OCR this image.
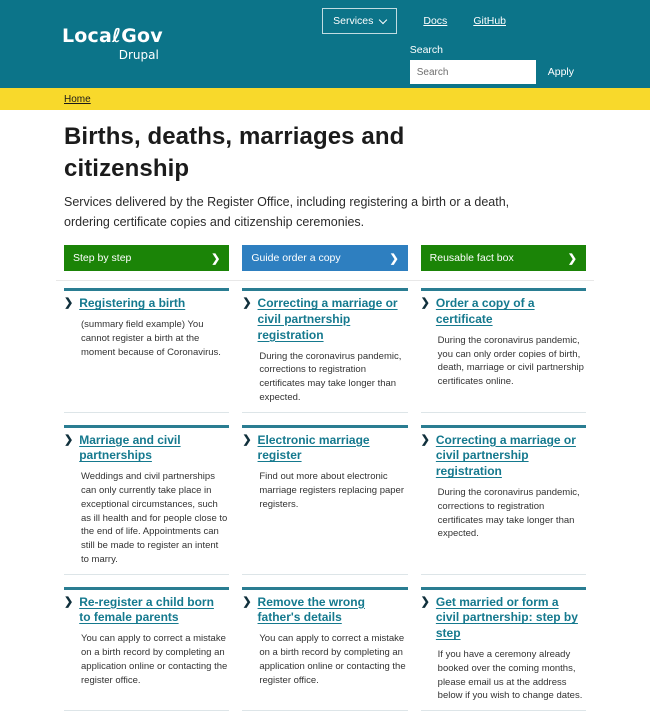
LocaℓGov
Drupal
Services	Docs GitHub
Search
Search
Apply
Home
Births, deaths, marriages and citizenship

Services delivered by the Register Office, including registering a birth or a death, ordering certificate copies and citizenship ceremonies.

Step by step	❯	Guide order a copy	❯	Reusable fact box	❯
❯ Registering a birth

(summary field example) You cannot register a birth at the moment because of Coronavirus.

❯ Correcting a marriage or civil partnership registration

During the coronavirus pandemic, corrections to registration certificates may take longer than expected.

❯ Order a copy of a certificate

During the coronavirus pandemic, you can only order copies of birth, death, marriage or civil partnership certificates online.

❯ Marriage and civil partnerships

Weddings and civil partnerships can only currently take place in exceptional circumstances, such as ill health and for people close to the end of life. Appointments can still be made to register an intent to marry.

❯ Electronic marriage register

Find out more about electronic marriage registers replacing paper registers.

❯ Correcting a marriage or civil partnership registration

During the coronavirus pandemic, corrections to registration certificates may take longer than expected.

❯ Re-register a child born to female parents

You can apply to correct a mistake on a birth record by completing an application online or contacting the register office.

❯ Remove the wrong father's details

You can apply to correct a mistake on a birth record by completing an application online or contacting the register office.

❯ Get married or form a civil partnership: step by step

If you have a ceremony already booked over the coming months, please email us at the address below if you wish to change dates.
